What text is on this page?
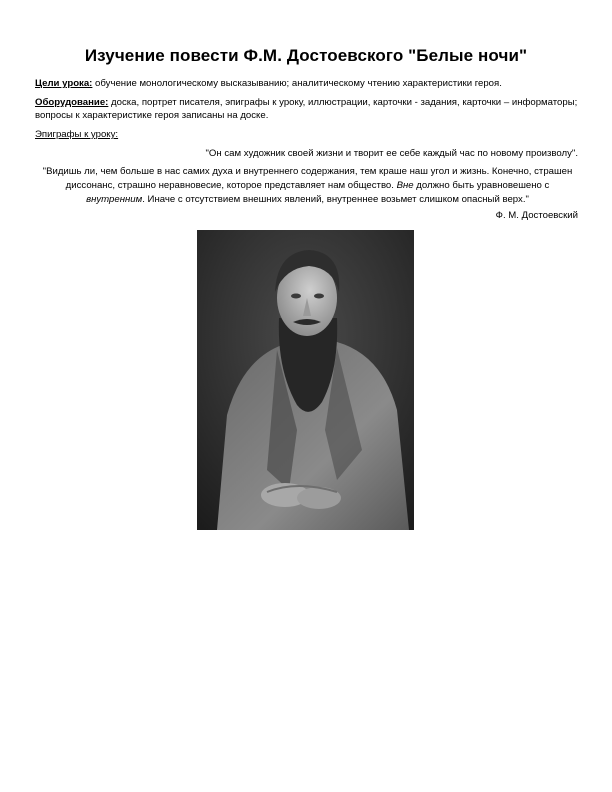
Изучение повести Ф.М. Достоевского "Белые ночи"
Цели урока: обучение монологическому высказыванию; аналитическому чтению характеристики героя.
Оборудование: доска, портрет писателя, эпиграфы к уроку, иллюстрации, карточки - задания, карточки – информаторы; вопросы к характеристике героя записаны на доске.
Эпиграфы к уроку:
"Он сам художник своей жизни и творит ее себе каждый час по новому произволу".
"Видишь ли, чем больше в нас самих духа и внутреннего содержания, тем краше наш угол и жизнь. Конечно, страшен диссонанс, страшно неравновесие, которое представляет нам общество. Вне должно быть уравновешено с внутренним. Иначе с отсутствием внешних явлений, внутреннее возьмет слишком опасный верх."
Ф. М. Достоевский
